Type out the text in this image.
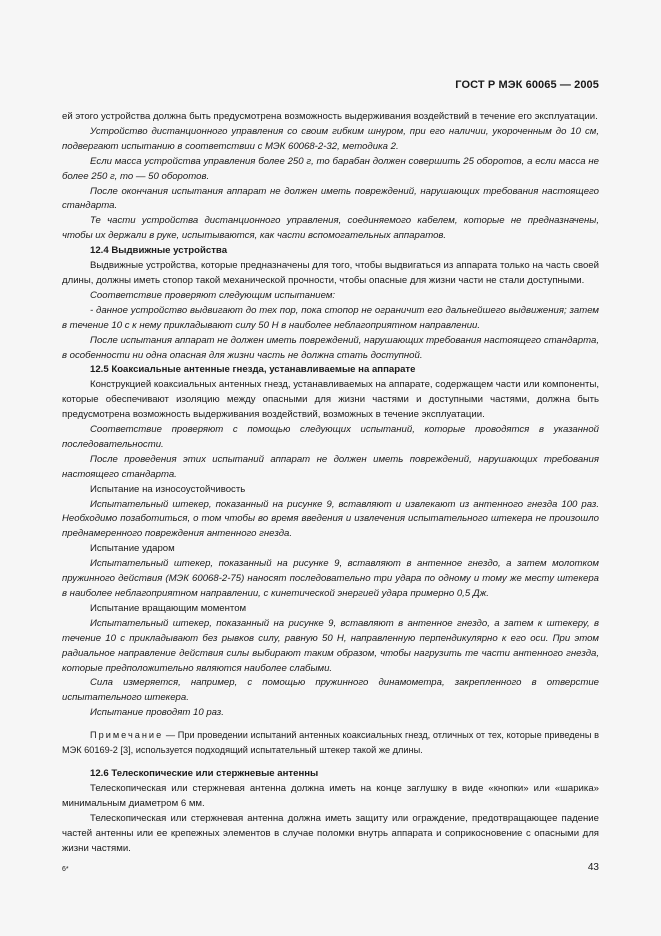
ГОСТ Р МЭК 60065 — 2005

ей этого устройства должна быть предусмотрена возможность выдерживания воздействий в течение его эксплуатации.

Устройство дистанционного управления со своим гибким шнуром, при его наличии, укороченным до 10 см, подвергают испытанию в соответствии с МЭК 60068-2-32, методика 2.

Если масса устройства управления более 250 г, то барабан должен совершить 25 оборотов, а если масса не более 250 г, то — 50 оборотов.

После окончания испытания аппарат не должен иметь повреждений, нарушающих требования настоящего стандарта.

Те части устройства дистанционного управления, соединяемого кабелем, которые не предназначены, чтобы их держали в руке, испытываются, как части вспомогательных аппаратов.

12.4 Выдвижные устройства

Выдвижные устройства, которые предназначены для того, чтобы выдвигаться из аппарата только на часть своей длины, должны иметь стопор такой механической прочности, чтобы опасные для жизни части не стали доступными.

Соответствие проверяют следующим испытанием:

- данное устройство выдвигают до тех пор, пока стопор не ограничит его дальнейшего выдвижения; затем в течение 10 с к нему прикладывают силу 50 Н в наиболее неблагоприятном направлении.

После испытания аппарат не должен иметь повреждений, нарушающих требования настоящего стандарта, в особенности ни одна опасная для жизни часть не должна стать доступной.

12.5 Коаксиальные антенные гнезда, устанавливаемые на аппарате

Конструкцией коаксиальных антенных гнезд, устанавливаемых на аппарате, содержащем части или компоненты, которые обеспечивают изоляцию между опасными для жизни частями и доступными частями, должна быть предусмотрена возможность выдерживания воздействий, возможных в течение эксплуатации.

Соответствие проверяют с помощью следующих испытаний, которые проводятся в указанной последовательности.

После проведения этих испытаний аппарат не должен иметь повреждений, нарушающих требования настоящего стандарта.

Испытание на износоустойчивость

Испытательный штекер, показанный на рисунке 9, вставляют и извлекают из антенного гнезда 100 раз. Необходимо позаботиться, о том чтобы во время введения и извлечения испытательного штекера не произошло преднамеренного повреждения антенного гнезда.

Испытание ударом

Испытательный штекер, показанный на рисунке 9, вставляют в антенное гнездо, а затем молотком пружинного действия (МЭК 60068-2-75) наносят последовательно три удара по одному и тому же месту штекера в наиболее неблагоприятном направлении, с кинетической энергией удара примерно 0,5 Дж.

Испытание вращающим моментом

Испытательный штекер, показанный на рисунке 9, вставляют в антенное гнездо, а затем к штекеру, в течение 10 с прикладывают без рывков силу, равную 50 Н, направленную перпендикулярно к его оси. При этом радиальное направление действия силы выбирают таким образом, чтобы нагрузить те части антенного гнезда, которые предположительно являются наиболее слабыми.

Сила измеряется, например, с помощью пружинного динамометра, закрепленного в отверстие испытательного штекера.

Испытание проводят 10 раз.

Примечание — При проведении испытаний антенных коаксиальных гнезд, отличных от тех, которые приведены в МЭК 60169-2 [3], используется подходящий испытательный штекер такой же длины.

12.6 Телескопические или стержневые антенны

Телескопическая или стержневая антенна должна иметь на конце заглушку в виде «кнопки» или «шарика» минимальным диаметром 6 мм.

Телескопическая или стержневая антенна должна иметь защиту или ограждение, предотвращающее падение частей антенны или ее крепежных элементов в случае поломки внутрь аппарата и соприкосновение с опасными для жизни частями.

6*	43
